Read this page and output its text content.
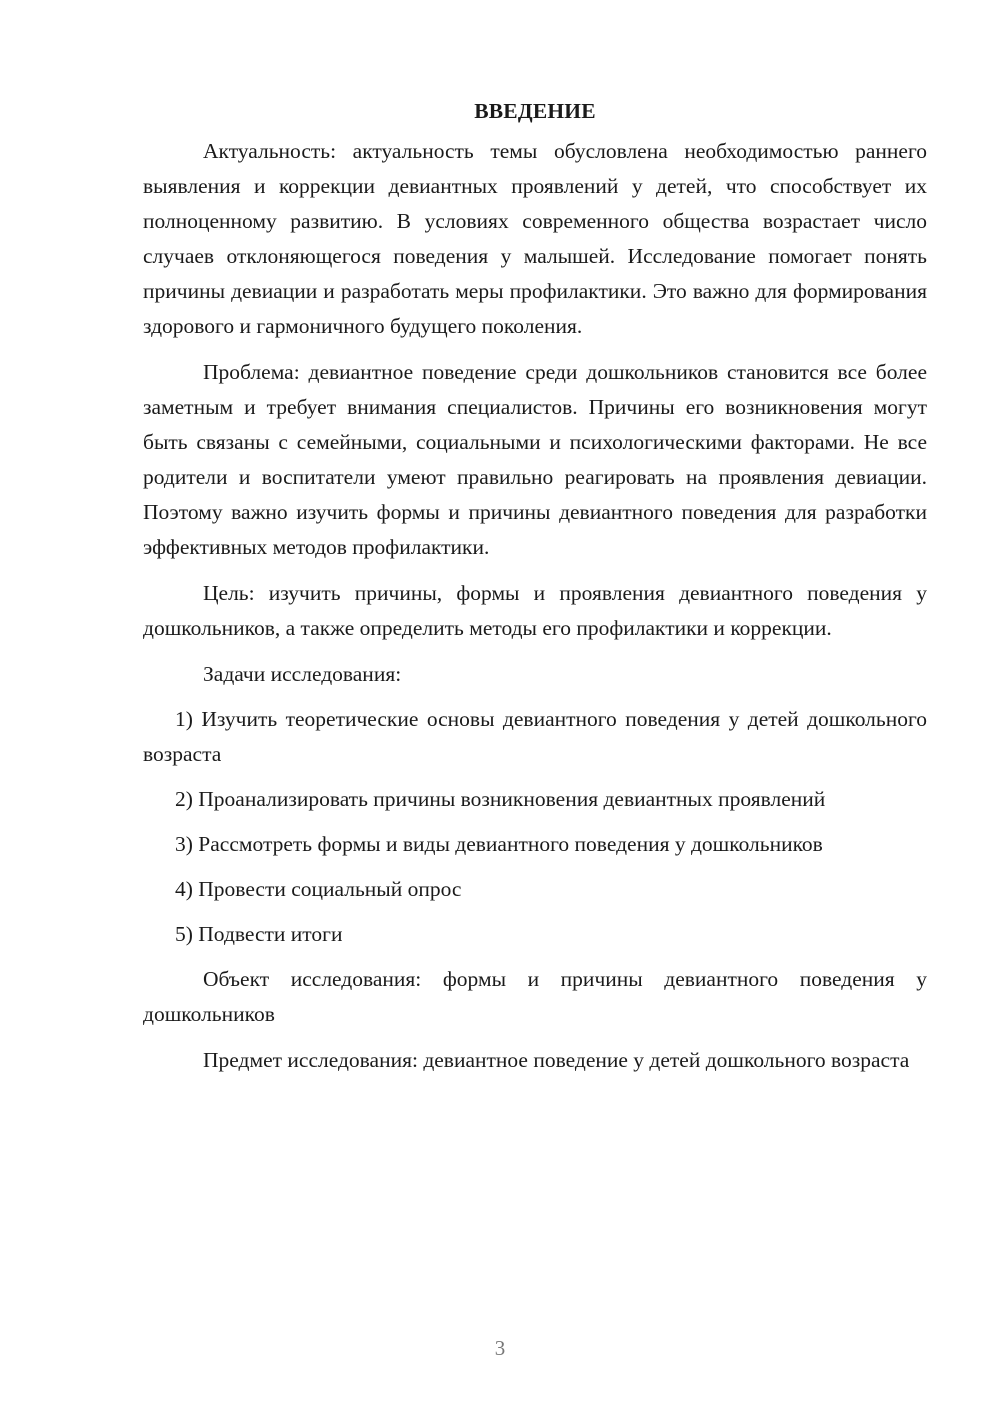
ВВЕДЕНИЕ

Актуальность: актуальность темы обусловлена необходимостью раннего выявления и коррекции девиантных проявлений у детей, что способствует их полноценному развитию. В условиях современного общества возрастает число случаев отклоняющегося поведения у малышей. Исследование помогает понять причины девиации и разработать меры профилактики. Это важно для формирования здорового и гармоничного будущего поколения.

Проблема: девиантное поведение среди дошкольников становится все более заметным и требует внимания специалистов. Причины его возникновения могут быть связаны с семейными, социальными и психологическими факторами. Не все родители и воспитатели умеют правильно реагировать на проявления девиации. Поэтому важно изучить формы и причины девиантного поведения для разработки эффективных методов профилактики.

Цель: изучить причины, формы и проявления девиантного поведения у дошкольников, а также определить методы его профилактики и коррекции.

Задачи исследования:

1) Изучить теоретические основы девиантного поведения у детей дошкольного возраста

2) Проанализировать причины возникновения девиантных проявлений

3) Рассмотреть формы и виды девиантного поведения у дошкольников

4) Провести социальный опрос

5) Подвести итоги

Объект исследования: формы и причины девиантного поведения у дошкольников

Предмет исследования: девиантное поведение у детей дошкольного возраста

3
